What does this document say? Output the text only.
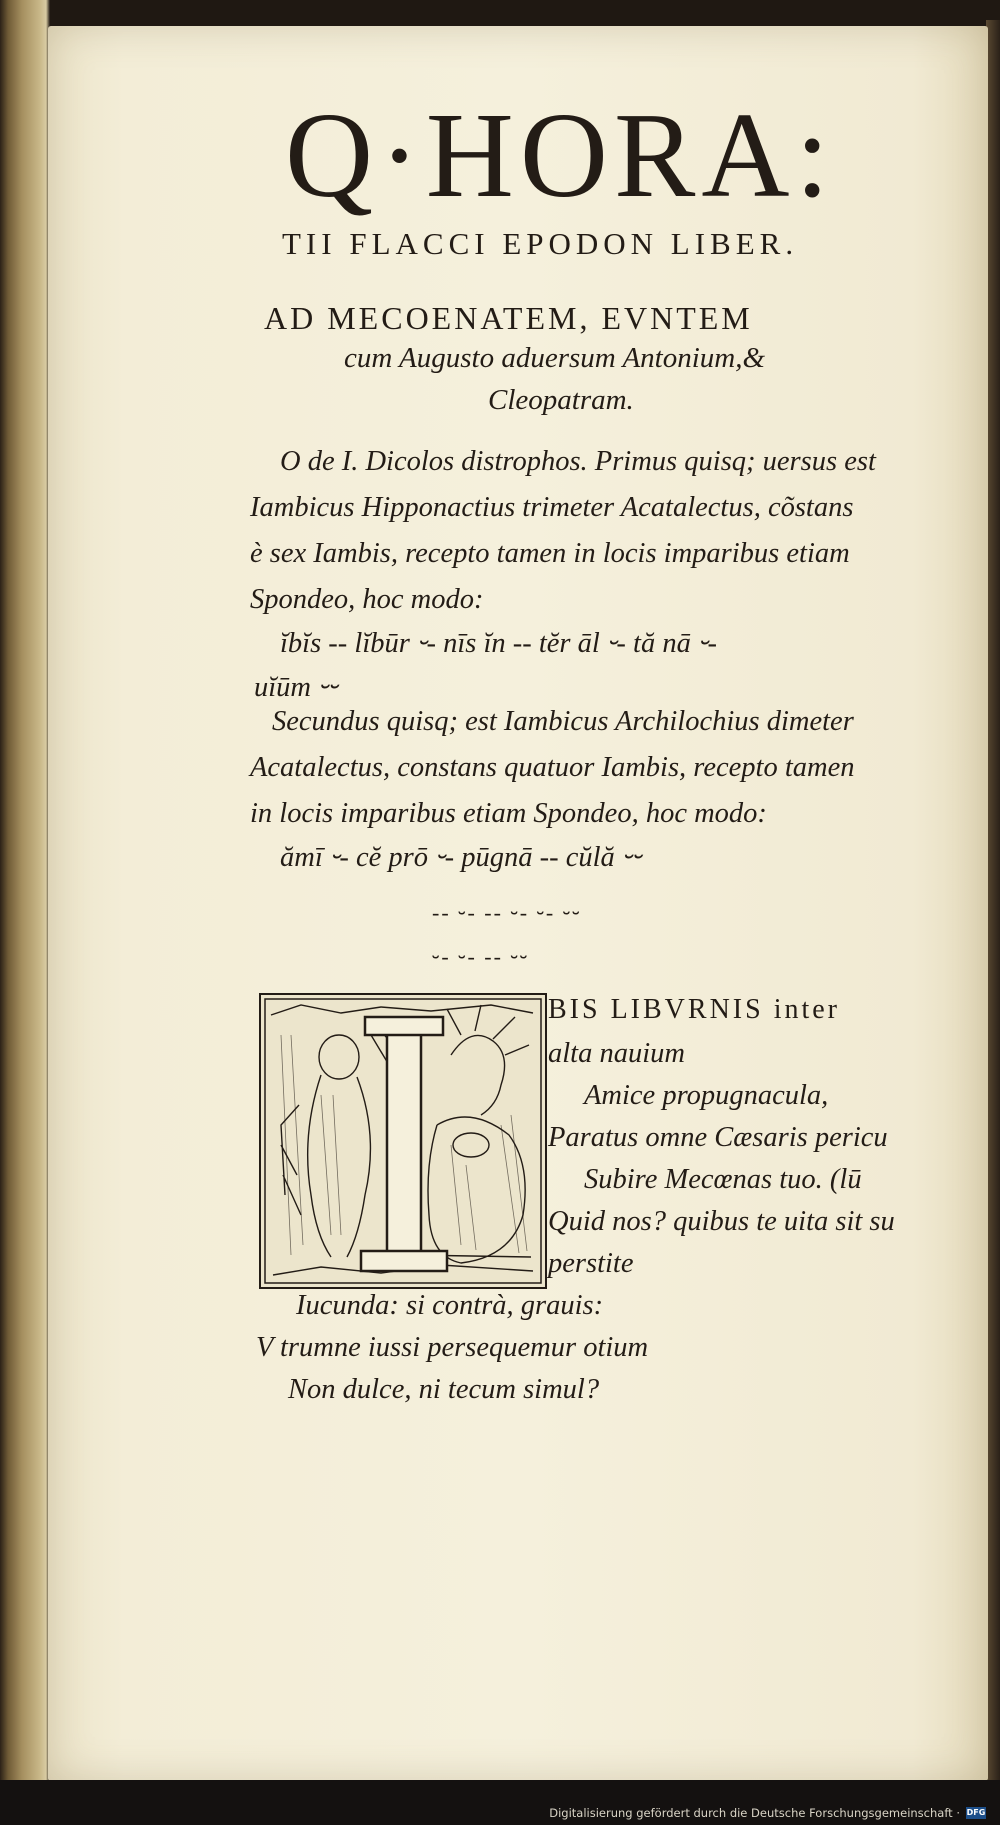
Q·HORA:
TII FLACCI EPODON LIBER.
AD MECOENATEM, EVNTEM
cum Augusto aduersum Antonium,&
Cleopatram.
O de I. Dicolos distrophos. Primus quisq; uersus est
Iambicus Hipponactius trimeter Acatalectus, cõstans
è sex Iambis, recepto tamen in locis imparibus etiam
Spondeo, hoc modo:
ĭbĭs -- lĭbūr ⏑- nīs ĭn -- tĕr āl ⏑- tă nā ⏑-
uĭūm ⏑⏑
Secundus quisq; est Iambicus Archilochius dimeter
Acatalectus, constans quatuor Iambis, recepto tamen
in locis imparibus etiam Spondeo, hoc modo:
ămī ⏑- cĕ prō ⏑- pūgnā -- cŭlă ⏑⏑
-- ⏑- -- ⏑- ⏑- ⏑⏑
⏑- ⏑- -- ⏑⏑
BIS LIBVRNIS inter
alta nauium
Amice propugnacula,
Paratus omne Cæsaris pericu
Subire Mecœnas tuo. (lū
Quid nos? quibus te uita sit su
perstite
Iucunda: si contrà, grauis:
V trumne iussi persequemur otium
Non dulce, ni tecum simul?
Digitalisierung gefördert durch die Deutsche Forschungsgemeinschaft · DFG
